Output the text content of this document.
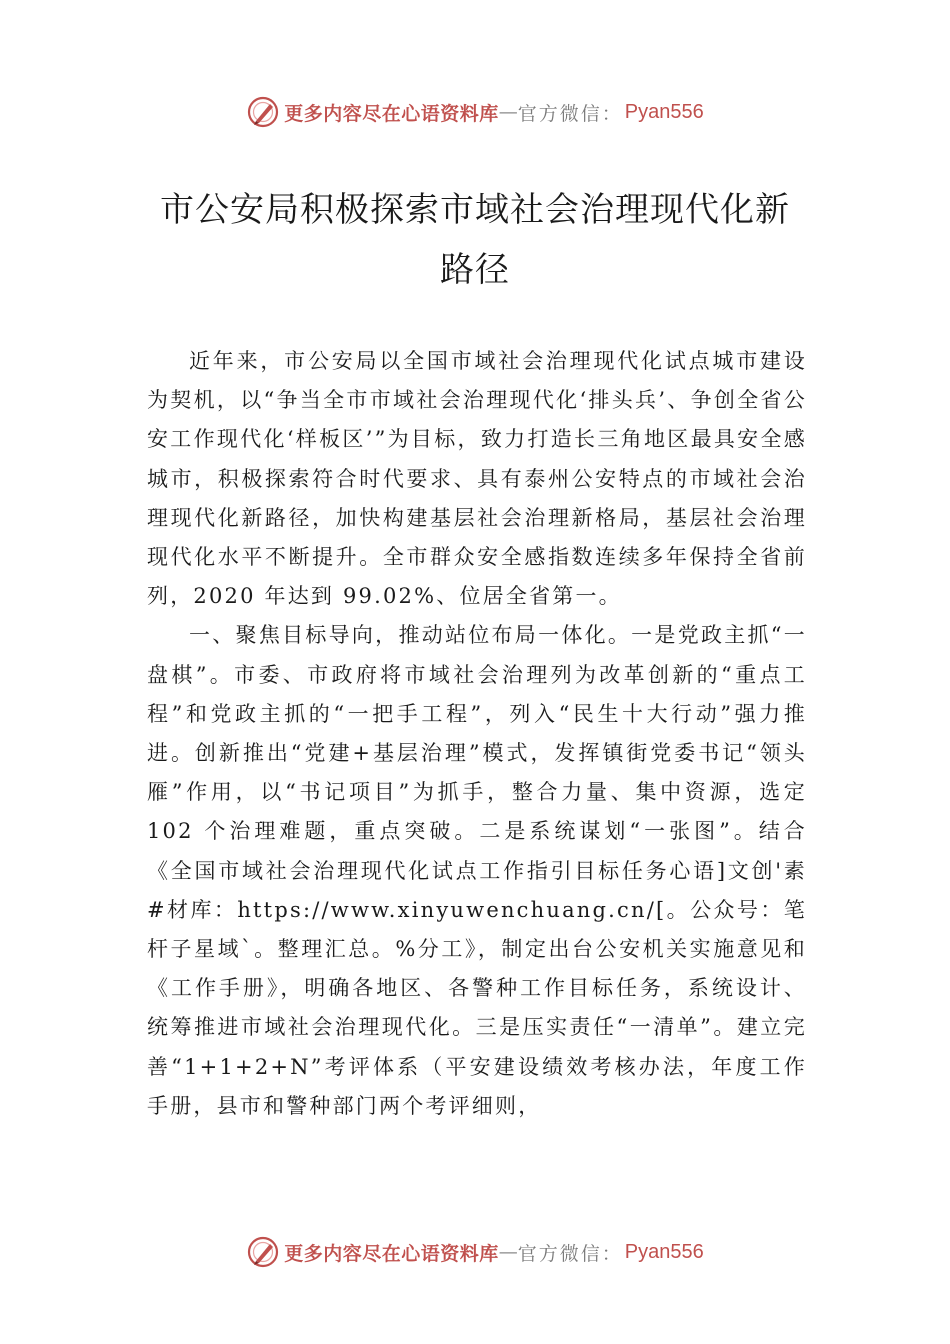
更多内容尽在心语资料库 — 官方微信： Pyan556
市公安局积极探索市域社会治理现代化新
路径

近年来，市公安局以全国市域社会治理现代化试点城市建设为契机，以“争当全市市域社会治理现代化‘排头兵’、争创全省公安工作现代化‘样板区’”为目标，致力打造长三角地区最具安全感城市，积极探索符合时代要求、具有泰州公安特点的市域社会治理现代化新路径，加快构建基层社会治理新格局，基层社会治理现代化水平不断提升。全市群众安全感指数连续多年保持全省前列，2020 年达到 99.02%、位居全省第一。

一、聚焦目标导向，推动站位布局一体化。一是党政主抓“一盘棋”。市委、市政府将市域社会治理列为改革创新的“重点工程”和党政主抓的“一把手工程”，列入“民生十大行动”强力推进。创新推出“党建+基层治理”模式，发挥镇街党委书记“领头雁”作用，以“书记项目”为抓手，整合力量、集中资源，选定 102 个治理难题，重点突破。二是系统谋划“一张图”。结合《全国市域社会治理现代化试点工作指引目标任务心语]文创'素#材库：https://www.xinyuwenchuang.cn/[。公众号：笔杆子星域`。整理汇总。%分工》，制定出台公安机关实施意见和《工作手册》，明确各地区、各警种工作目标任务，系统设计、统筹推进市域社会治理现代化。三是压实责任“一清单”。建立完善“1+1+2+N”考评体系（平安建设绩效考核办法，年度工作手册，县市和警种部门两个考评细则，

更多内容尽在心语资料库 — 官方微信： Pyan556
